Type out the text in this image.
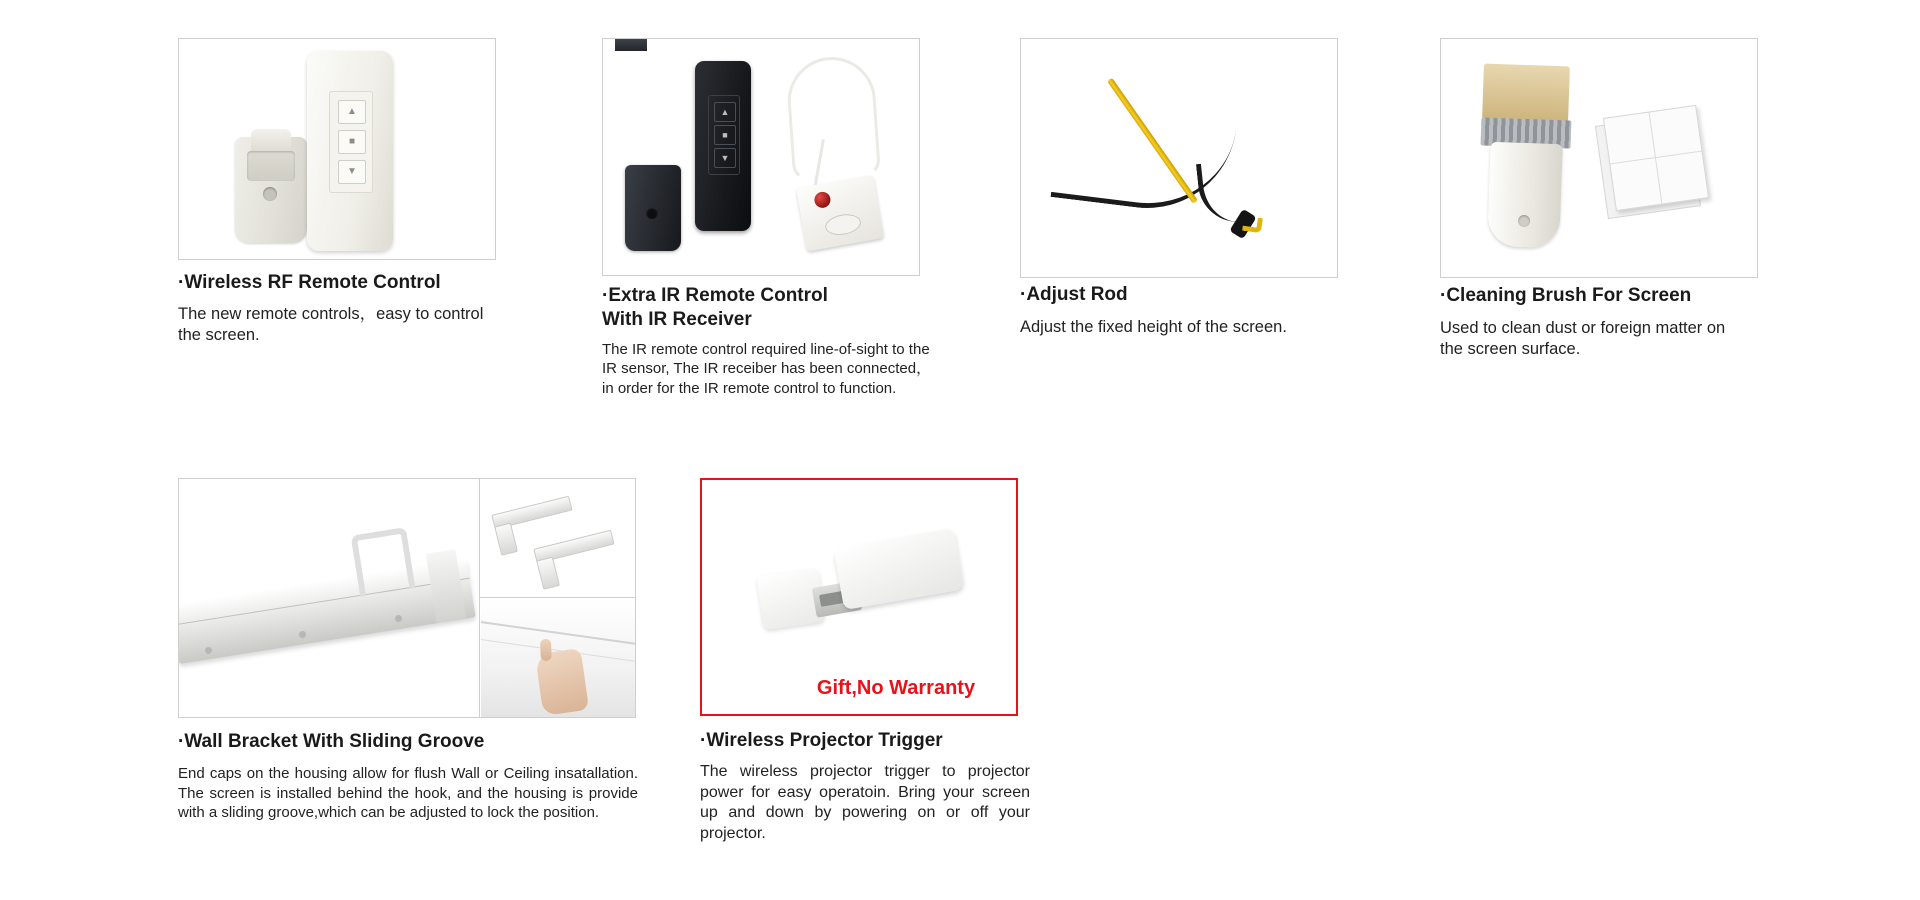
▲
■
▼
·Wireless RF Remote Control
The new remote controls，easy to control the screen.
▲
■
▼
·Extra IR Remote Control
With IR Receiver
The IR remote control required line-of-sight to the IR sensor, The IR receiber has been connected，in order for the IR remote control to function.
·Adjust Rod
Adjust the fixed height of the screen.
·Cleaning Brush For Screen
Used to clean dust or foreign matter on the screen surface.
·Wall Bracket With Sliding Groove
End caps on the housing allow for flush Wall or Ceiling insatallation. The screen is installed behind the hook, and the housing is provide with a sliding groove,which can be adjusted to lock the position.
Gift,No Warranty
·Wireless Projector Trigger
The wireless projector trigger to projector power for easy operatoin. Bring your screen up and down by powering on or off your projector.
